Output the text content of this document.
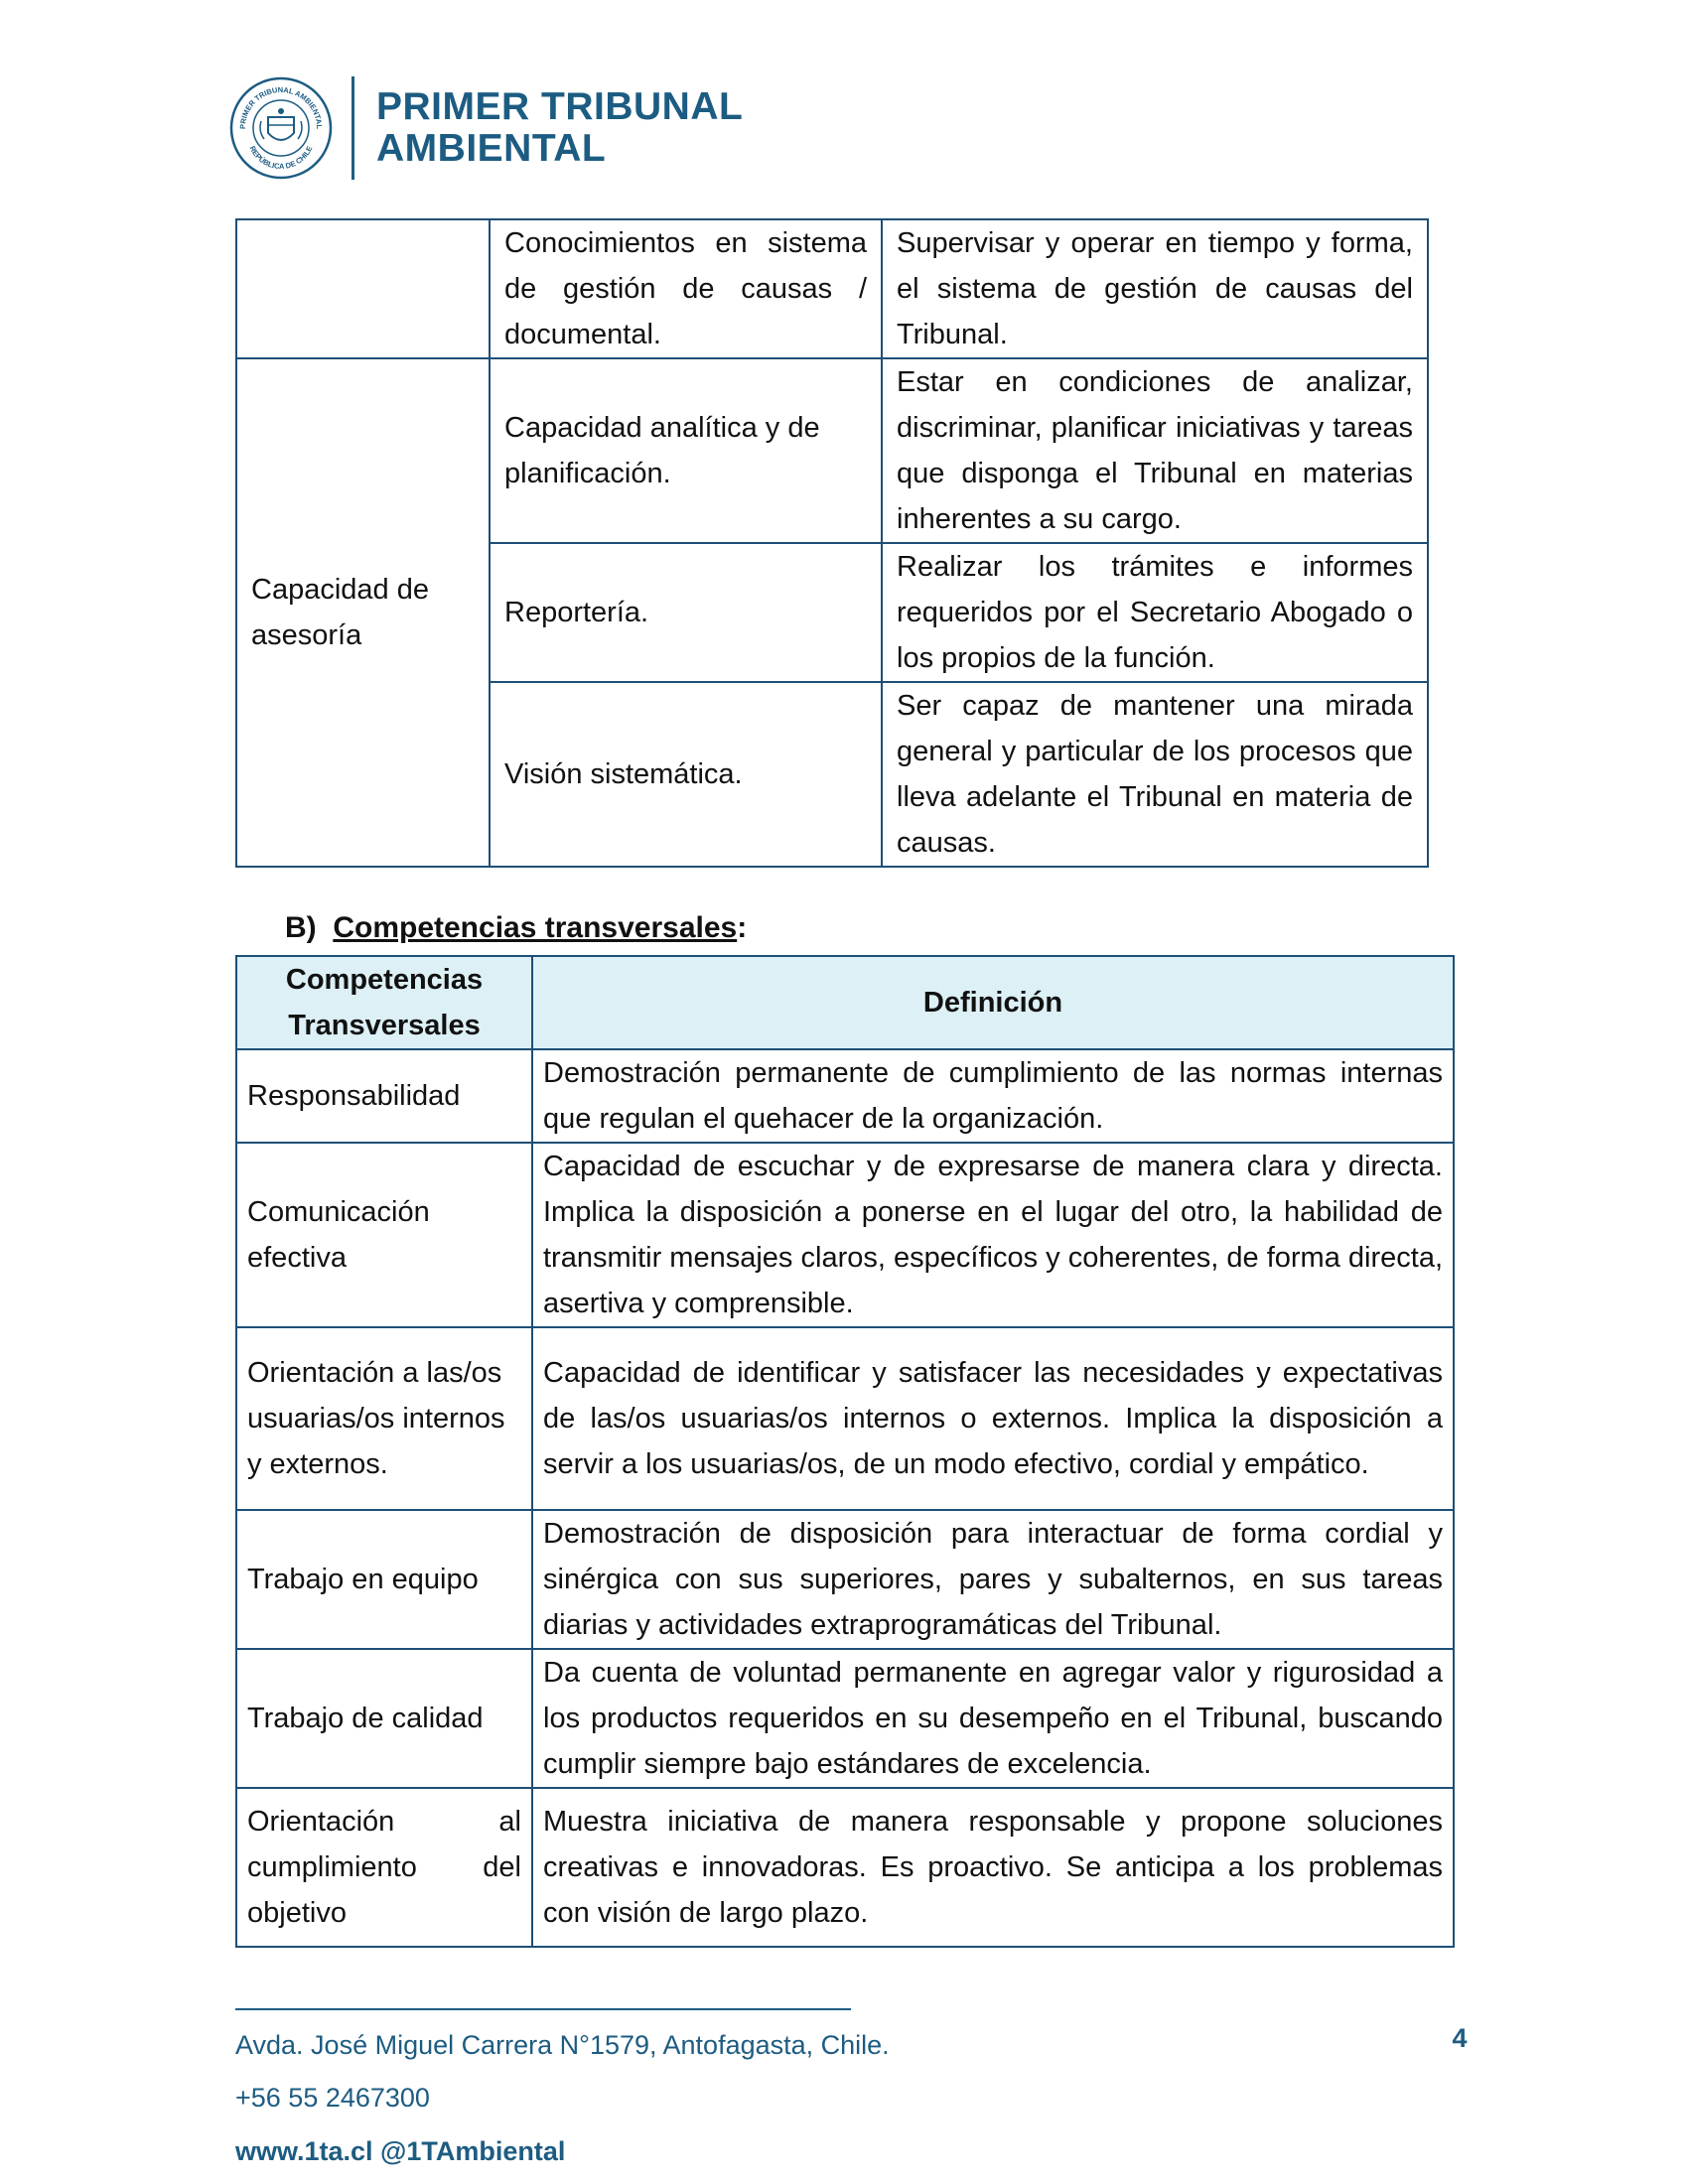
PRIMER TRIBUNAL AMBIENTAL
REPÚBLICA DE CHILE
PRIMER TRIBUNAL
AMBIENTAL
	Conocimientos en sistema de gestión de causas / documental.	Supervisar y operar en tiempo y forma, el sistema de gestión de causas del Tribunal.
Capacidad de asesoría	Capacidad analítica y de planificación.	Estar en condiciones de analizar, discriminar, planificar iniciativas y tareas que disponga el Tribunal en materias inherentes a su cargo.
	Reportería.	Realizar los trámites e informes requeridos por el Secretario Abogado o los propios de la función.
	Visión sistemática.	Ser capaz de mantener una mirada general y particular de los procesos que lleva adelante el Tribunal en materia de causas.
B) Competencias transversales:
Competencias Transversales	Definición
Responsabilidad	Demostración permanente de cumplimiento de las normas internas que regulan el quehacer de la organización.
Comunicación efectiva	Capacidad de escuchar y de expresarse de manera clara y directa. Implica la disposición a ponerse en el lugar del otro, la habilidad de transmitir mensajes claros, específicos y coherentes, de forma directa, asertiva y comprensible.
Orientación a las/os usuarias/os internos y externos.	Capacidad de identificar y satisfacer las necesidades y expectativas de las/os usuarias/os internos o externos. Implica la disposición a servir a los usuarias/os, de un modo efectivo, cordial y empático.
Trabajo en equipo	Demostración de disposición para interactuar de forma cordial y sinérgica con sus superiores, pares y subalternos, en sus tareas diarias y actividades extraprogramáticas del Tribunal.
Trabajo de calidad	Da cuenta de voluntad permanente en agregar valor y rigurosidad a los productos requeridos en su desempeño en el Tribunal, buscando cumplir siempre bajo estándares de excelencia.
Orientación al cumplimiento del objetivo	Muestra iniciativa de manera responsable y propone soluciones creativas e innovadoras. Es proactivo. Se anticipa a los problemas con visión de largo plazo.
Avda. José Miguel Carrera N°1579, Antofagasta, Chile.
+56 55 2467300
www.1ta.cl @1TAmbiental
4
